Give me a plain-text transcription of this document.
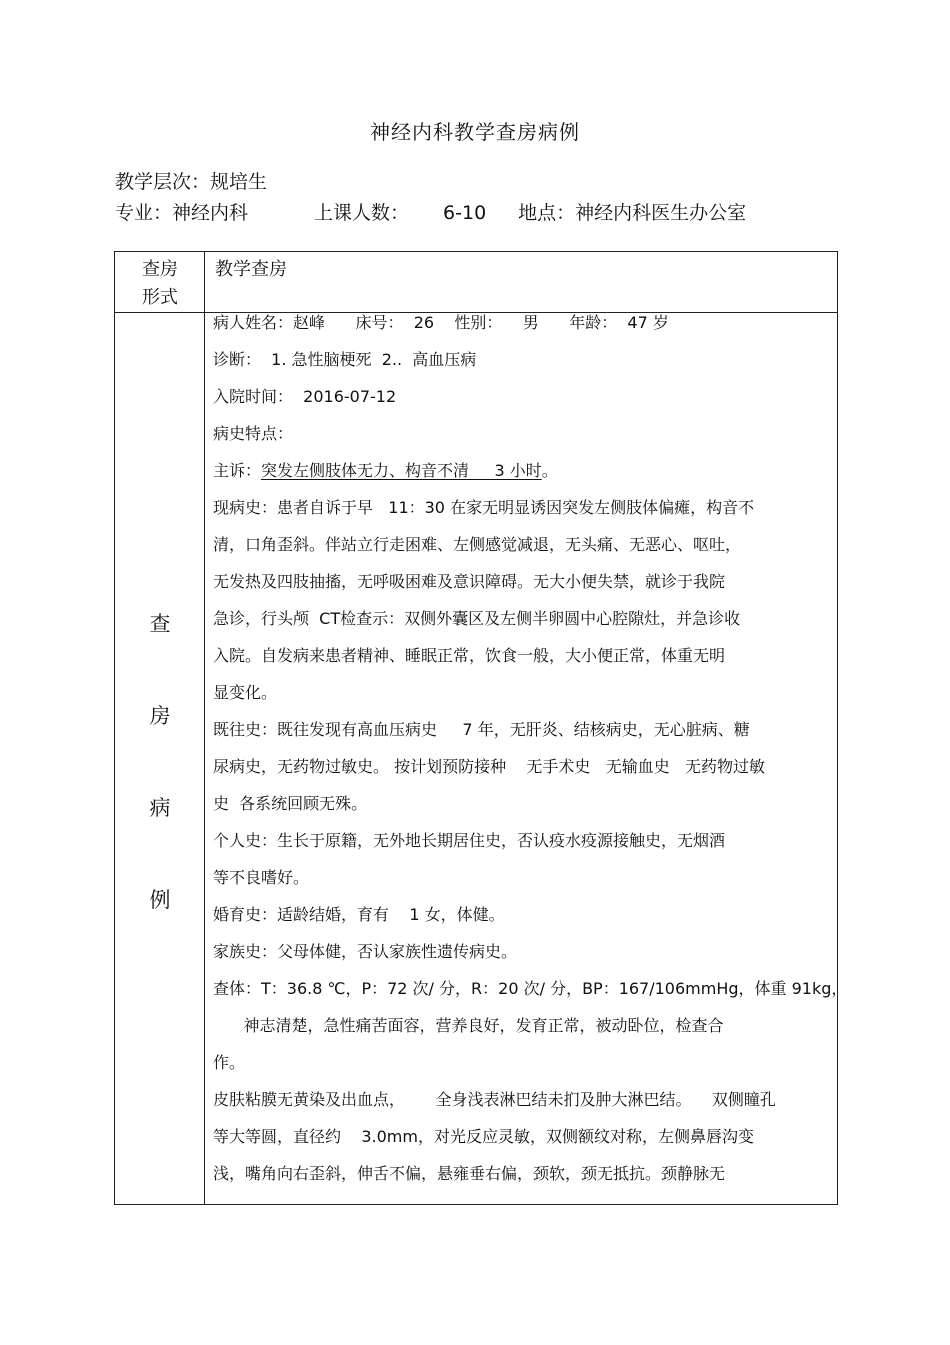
神经内科教学查房病例
教学层次：规培生
专业：神经内科	上课人数： 6-10 地点：神经内科医生办公室
查房
形式
教学查房
查
房
病
例
病人姓名：赵峰      床号：  26    性别：    男      年龄：  47 岁
诊断：  1. 急性脑梗死  2..  高血压病
入院时间：  2016-07-12
病史特点：
主诉：突发左侧肢体无力、构音不清     3 小时。
现病史：患者自诉于早   11：30 在家无明显诱因突发左侧肢体偏瘫，构音不
清，口角歪斜。伴站立行走困难、左侧感觉减退，无头痛、无恶心、呕吐，
无发热及四肢抽搐，无呼吸困难及意识障碍。无大小便失禁，就诊于我院
急诊，行头颅  CT检查示：双侧外囊区及左侧半卵圆中心腔隙灶，并急诊收
入院。自发病来患者精神、睡眠正常，饮食一般，大小便正常，体重无明
显变化。
既往史：既往发现有高血压病史     7 年，无肝炎、结核病史，无心脏病、糖
尿病史，无药物过敏史。 按计划预防接种    无手术史   无输血史   无药物过敏
史  各系统回顾无殊。
个人史：生长于原籍，无外地长期居住史，否认疫水疫源接触史，无烟酒
等不良嗜好。
婚育史：适龄结婚，育有    1 女，体健。
家族史：父母体健，否认家族性遗传病史。
查体：T：36.8 ℃，P：72 次/ 分，R：20 次/ 分，BP：167/106mmHg，体重 91kg，
神志清楚，急性痛苦面容，营养良好，发育正常，被动卧位，检查合
作。
皮肤粘膜无黄染及出血点，      全身浅表淋巴结未扪及肿大淋巴结。    双侧瞳孔
等大等圆，直径约    3.0mm，对光反应灵敏，双侧额纹对称，左侧鼻唇沟变
浅，嘴角向右歪斜，伸舌不偏，悬雍垂右偏，颈软，颈无抵抗。颈静脉无
